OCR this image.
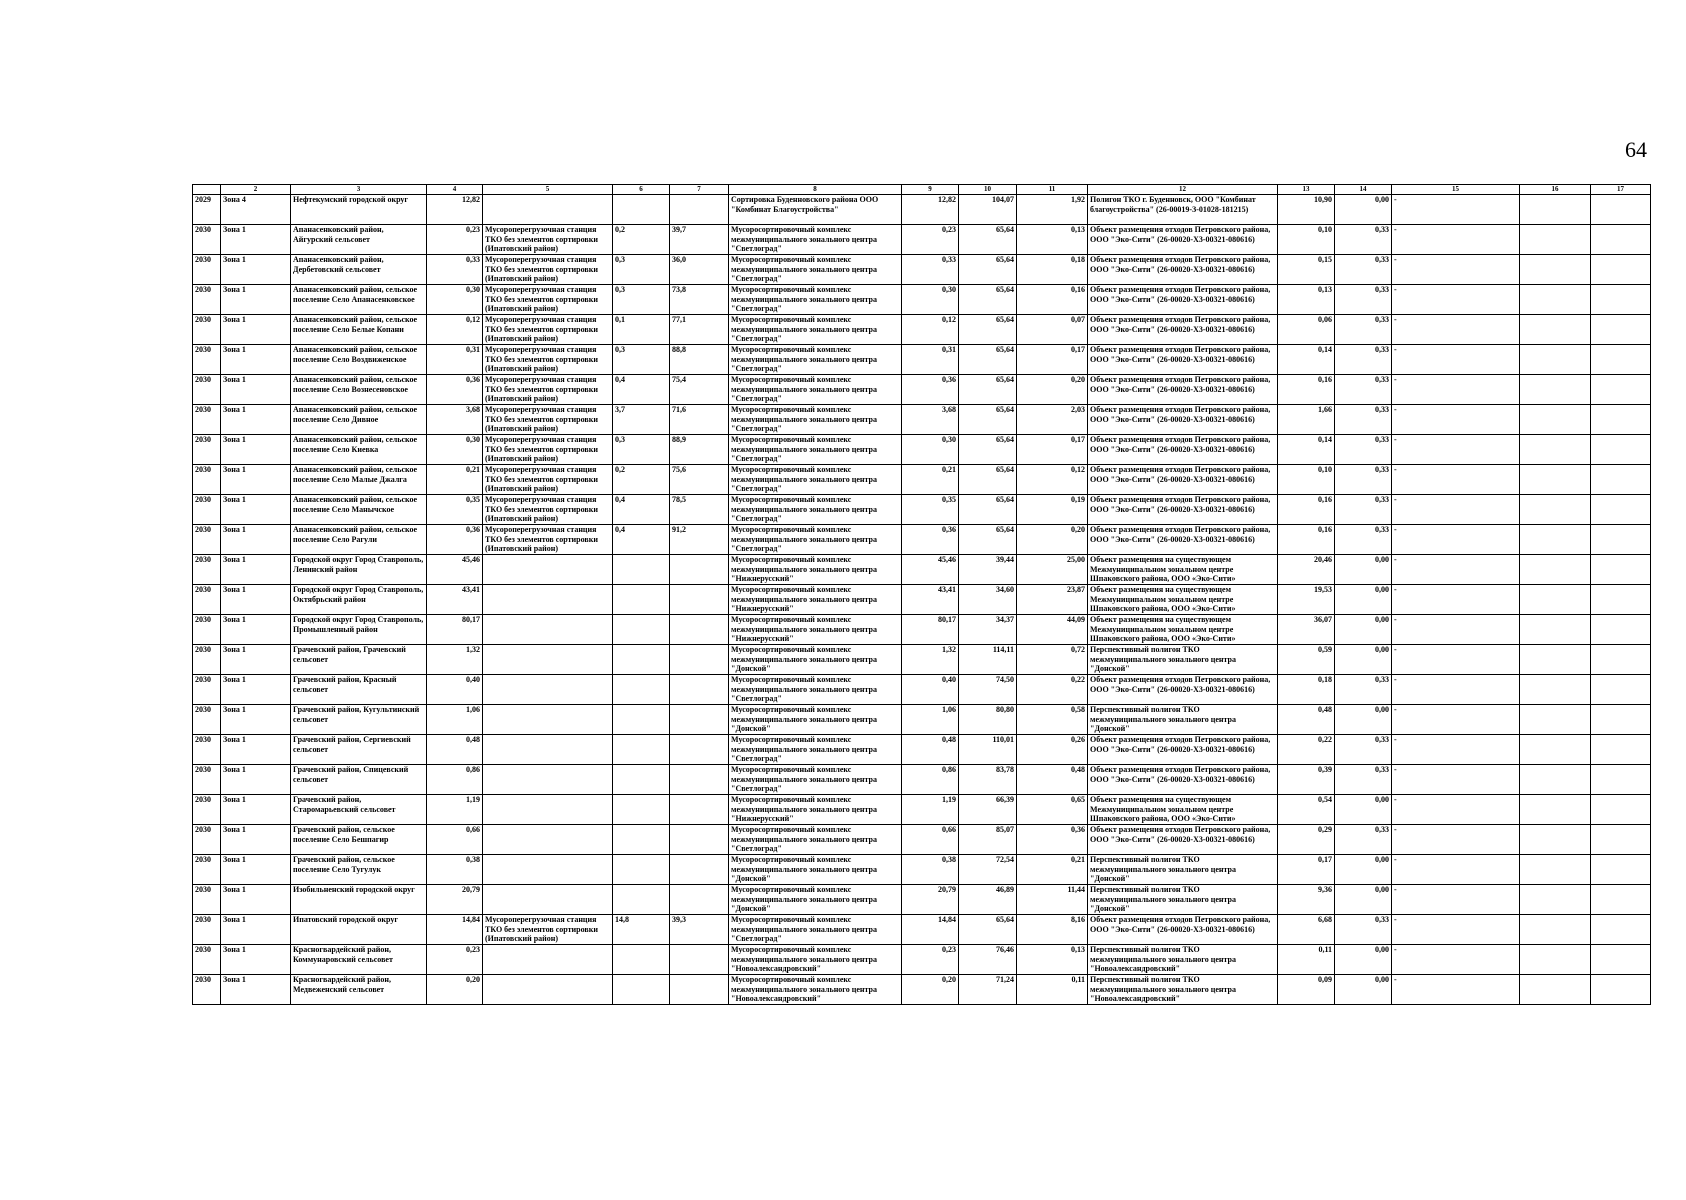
64
	2	3	4	5	6	7	8	9	10	11	12	13	14	15	16	17
2029	Зона 4	Нефтекумский городской округ	12,82				Сортировка Буденновского района ООО "Комбинат Благоустройства"	12,82	104,07	1,92	Полигон ТКО г. Буденновск, ООО "Комбинат благоустройства" (26-00019-З-01028-181215)	10,90	0,00	-		
2030	Зона 1	Апанасенковский район, Айгурский сельсовет	0,23	Мусороперегрузочная станция ТКО без элементов сортировки (Ипатовский район)	0,2	39,7	Мусоросортировочный комплекс межмуниципального зонального центра "Светлоград"	0,23	65,64	0,13	Объект размещения отходов Петровского района, ООО "Эко-Сити" (26-00020-Х3-00321-080616)	0,10	0,33	-		
2030	Зона 1	Апанасенковский район, Дербетовский сельсовет	0,33	Мусороперегрузочная станция ТКО без элементов сортировки (Ипатовский район)	0,3	36,0	Мусоросортировочный комплекс межмуниципального зонального центра "Светлоград"	0,33	65,64	0,18	Объект размещения отходов Петровского района, ООО "Эко-Сити" (26-00020-Х3-00321-080616)	0,15	0,33	-		
2030	Зона 1	Апанасенковский район, сельское поселение Село Апанасенковское	0,30	Мусороперегрузочная станция ТКО без элементов сортировки (Ипатовский район)	0,3	73,8	Мусоросортировочный комплекс межмуниципального зонального центра "Светлоград"	0,30	65,64	0,16	Объект размещения отходов Петровского района, ООО "Эко-Сити" (26-00020-Х3-00321-080616)	0,13	0,33	-		
2030	Зона 1	Апанасенковский район, сельское поселение Село Белые Копани	0,12	Мусороперегрузочная станция ТКО без элементов сортировки (Ипатовский район)	0,1	77,1	Мусоросортировочный комплекс межмуниципального зонального центра "Светлоград"	0,12	65,64	0,07	Объект размещения отходов Петровского района, ООО "Эко-Сити" (26-00020-Х3-00321-080616)	0,06	0,33	-		
2030	Зона 1	Апанасенковский район, сельское поселение Село Воздвиженское	0,31	Мусороперегрузочная станция ТКО без элементов сортировки (Ипатовский район)	0,3	88,8	Мусоросортировочный комплекс межмуниципального зонального центра "Светлоград"	0,31	65,64	0,17	Объект размещения отходов Петровского района, ООО "Эко-Сити" (26-00020-Х3-00321-080616)	0,14	0,33	-		
2030	Зона 1	Апанасенковский район, сельское поселение Село Вознесеновское	0,36	Мусороперегрузочная станция ТКО без элементов сортировки (Ипатовский район)	0,4	75,4	Мусоросортировочный комплекс межмуниципального зонального центра "Светлоград"	0,36	65,64	0,20	Объект размещения отходов Петровского района, ООО "Эко-Сити" (26-00020-Х3-00321-080616)	0,16	0,33	-		
2030	Зона 1	Апанасенковский район, сельское поселение Село Дивное	3,68	Мусороперегрузочная станция ТКО без элементов сортировки (Ипатовский район)	3,7	71,6	Мусоросортировочный комплекс межмуниципального зонального центра "Светлоград"	3,68	65,64	2,03	Объект размещения отходов Петровского района, ООО "Эко-Сити" (26-00020-Х3-00321-080616)	1,66	0,33	-		
2030	Зона 1	Апанасенковский район, сельское поселение Село Киевка	0,30	Мусороперегрузочная станция ТКО без элементов сортировки (Ипатовский район)	0,3	88,9	Мусоросортировочный комплекс межмуниципального зонального центра "Светлоград"	0,30	65,64	0,17	Объект размещения отходов Петровского района, ООО "Эко-Сити" (26-00020-Х3-00321-080616)	0,14	0,33	-		
2030	Зона 1	Апанасенковский район, сельское поселение Село Малые Джалга	0,21	Мусороперегрузочная станция ТКО без элементов сортировки (Ипатовский район)	0,2	75,6	Мусоросортировочный комплекс межмуниципального зонального центра "Светлоград"	0,21	65,64	0,12	Объект размещения отходов Петровского района, ООО "Эко-Сити" (26-00020-Х3-00321-080616)	0,10	0,33	-		
2030	Зона 1	Апанасенковский район, сельское поселение Село Манычское	0,35	Мусороперегрузочная станция ТКО без элементов сортировки (Ипатовский район)	0,4	78,5	Мусоросортировочный комплекс межмуниципального зонального центра "Светлоград"	0,35	65,64	0,19	Объект размещения отходов Петровского района, ООО "Эко-Сити" (26-00020-Х3-00321-080616)	0,16	0,33	-		
2030	Зона 1	Апанасенковский район, сельское поселение Село Рагули	0,36	Мусороперегрузочная станция ТКО без элементов сортировки (Ипатовский район)	0,4	91,2	Мусоросортировочный комплекс межмуниципального зонального центра "Светлоград"	0,36	65,64	0,20	Объект размещения отходов Петровского района, ООО "Эко-Сити" (26-00020-Х3-00321-080616)	0,16	0,33	-		
2030	Зона 1	Городской округ Город Ставрополь, Ленинский район	45,46				Мусоросортировочный комплекс межмуниципального зонального центра "Нижнерусский"	45,46	39,44	25,00	Объект размещения на существующем Межмуниципальном зональном центре Шпаковского района, ООО «Эко-Сити»	20,46	0,00	-		
2030	Зона 1	Городской округ Город Ставрополь, Октябрьский район	43,41				Мусоросортировочный комплекс межмуниципального зонального центра "Нижнерусский"	43,41	34,60	23,87	Объект размещения на существующем Межмуниципальном зональном центре Шпаковского района, ООО «Эко-Сити»	19,53	0,00	-		
2030	Зона 1	Городской округ Город Ставрополь, Промышленный район	80,17				Мусоросортировочный комплекс межмуниципального зонального центра "Нижнерусский"	80,17	34,37	44,09	Объект размещения на существующем Межмуниципальном зональном центре Шпаковского района, ООО «Эко-Сити»	36,07	0,00	-		
2030	Зона 1	Грачевский район, Грачевский сельсовет	1,32				Мусоросортировочный комплекс межмуниципального зонального центра "Донской"	1,32	114,11	0,72	Перспективный полигон ТКО межмуниципального зонального центра "Донской"	0,59	0,00	-		
2030	Зона 1	Грачевский район, Красный сельсовет	0,40				Мусоросортировочный комплекс межмуниципального зонального центра "Светлоград"	0,40	74,50	0,22	Объект размещения отходов Петровского района, ООО "Эко-Сити" (26-00020-Х3-00321-080616)	0,18	0,33	-		
2030	Зона 1	Грачевский район, Кугультинский сельсовет	1,06				Мусоросортировочный комплекс межмуниципального зонального центра "Донской"	1,06	80,80	0,58	Перспективный полигон ТКО межмуниципального зонального центра "Донской"	0,48	0,00	-		
2030	Зона 1	Грачевский район, Сергиевский сельсовет	0,48				Мусоросортировочный комплекс межмуниципального зонального центра "Светлоград"	0,48	110,01	0,26	Объект размещения отходов Петровского района, ООО "Эко-Сити" (26-00020-Х3-00321-080616)	0,22	0,33	-		
2030	Зона 1	Грачевский район, Спицевский сельсовет	0,86				Мусоросортировочный комплекс межмуниципального зонального центра "Светлоград"	0,86	83,78	0,48	Объект размещения отходов Петровского района, ООО "Эко-Сити" (26-00020-Х3-00321-080616)	0,39	0,33	-		
2030	Зона 1	Грачевский район, Старомарьевский сельсовет	1,19				Мусоросортировочный комплекс межмуниципального зонального центра "Нижнерусский"	1,19	66,39	0,65	Объект размещения на существующем Межмуниципальном зональном центре Шпаковского района, ООО «Эко-Сити»	0,54	0,00	-		
2030	Зона 1	Грачевский район, сельское поселение Село Бешпагир	0,66				Мусоросортировочный комплекс межмуниципального зонального центра "Светлоград"	0,66	85,07	0,36	Объект размещения отходов Петровского района, ООО "Эко-Сити" (26-00020-Х3-00321-080616)	0,29	0,33	-		
2030	Зона 1	Грачевский район, сельское поселение Село Тугулук	0,38				Мусоросортировочный комплекс межмуниципального зонального центра "Донской"	0,38	72,54	0,21	Перспективный полигон ТКО межмуниципального зонального центра "Донской"	0,17	0,00	-		
2030	Зона 1	Изобильненский городской округ	20,79				Мусоросортировочный комплекс межмуниципального зонального центра "Донской"	20,79	46,89	11,44	Перспективный полигон ТКО межмуниципального зонального центра "Донской"	9,36	0,00	-		
2030	Зона 1	Ипатовский городской округ	14,84	Мусороперегрузочная станция ТКО без элементов сортировки (Ипатовский район)	14,8	39,3	Мусоросортировочный комплекс межмуниципального зонального центра "Светлоград"	14,84	65,64	8,16	Объект размещения отходов Петровского района, ООО "Эко-Сити" (26-00020-Х3-00321-080616)	6,68	0,33	-		
2030	Зона 1	Красногвардейский район, Коммунаровский сельсовет	0,23				Мусоросортировочный комплекс межмуниципального зонального центра "Новоалександровский"	0,23	76,46	0,13	Перспективный полигон ТКО межмуниципального зонального центра "Новоалександровский"	0,11	0,00	-		
2030	Зона 1	Красногвардейский район, Медвеженский сельсовет	0,20				Мусоросортировочный комплекс межмуниципального зонального центра "Новоалександровский"	0,20	71,24	0,11	Перспективный полигон ТКО межмуниципального зонального центра "Новоалександровский"	0,09	0,00	-		
